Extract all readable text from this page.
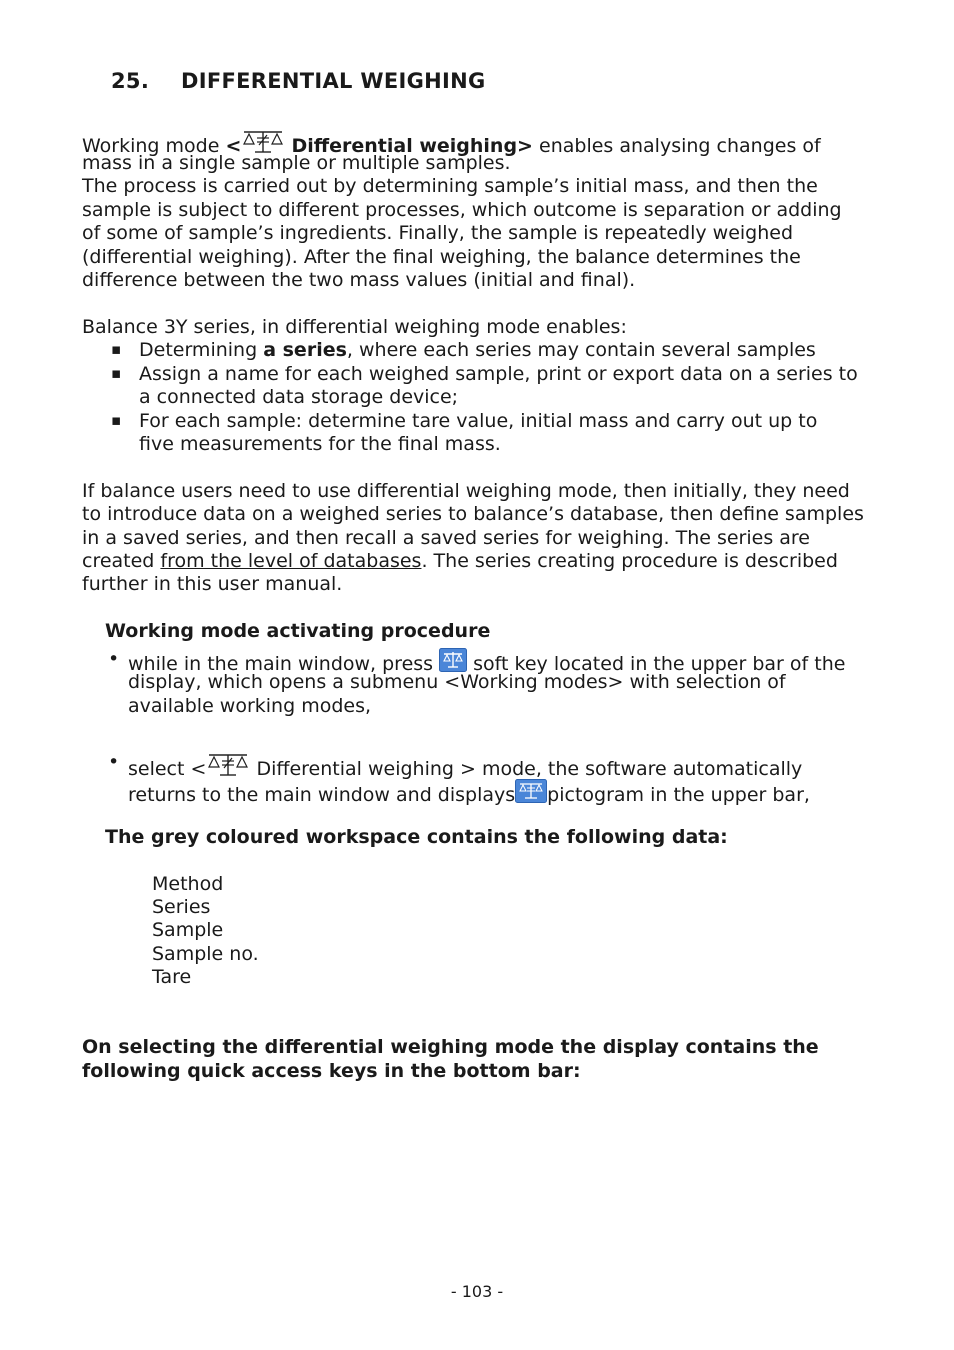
25. DIFFERENTIAL WEIGHING

Working mode <	Differential weighing> enables analysing changes of

mass in a single sample or multiple samples.

The process is carried out by determining sample’s initial mass, and then the

sample is subject to different processes, which outcome is separation or adding

of some of sample’s ingredients. Finally, the sample is repeatedly weighed

(differential weighing). After the final weighing, the balance determines the

difference between the two mass values (initial and final).

Balance 3Y series, in differential weighing mode enables:

▪ Determining a series, where each series may contain several samples

▪ Assign a name for each weighed sample, print or export data on a series to

a connected data storage device;

▪ For each sample: determine tare value, initial mass and carry out up to

five measurements for the final mass.

If balance users need to use differential weighing mode, then initially, they need

to introduce data on a weighed series to balance’s database, then define samples

in a saved series, and then recall a saved series for weighing. The series are

created from the level of databases. The series creating procedure is described

further in this user manual.

Working mode activating procedure

• while in the main window, press  soft key located in the upper bar of the

display, which opens a submenu <Working modes> with selection of

available working modes,

• select < Differential weighing > mode, the software automatically

returns to the main window and displays pictogram in the upper bar,

The grey coloured workspace contains the following data:

Method

Series

Sample

Sample no.

Tare

On selecting the differential weighing mode the display contains the

following quick access keys in the bottom bar:

- 103 -
